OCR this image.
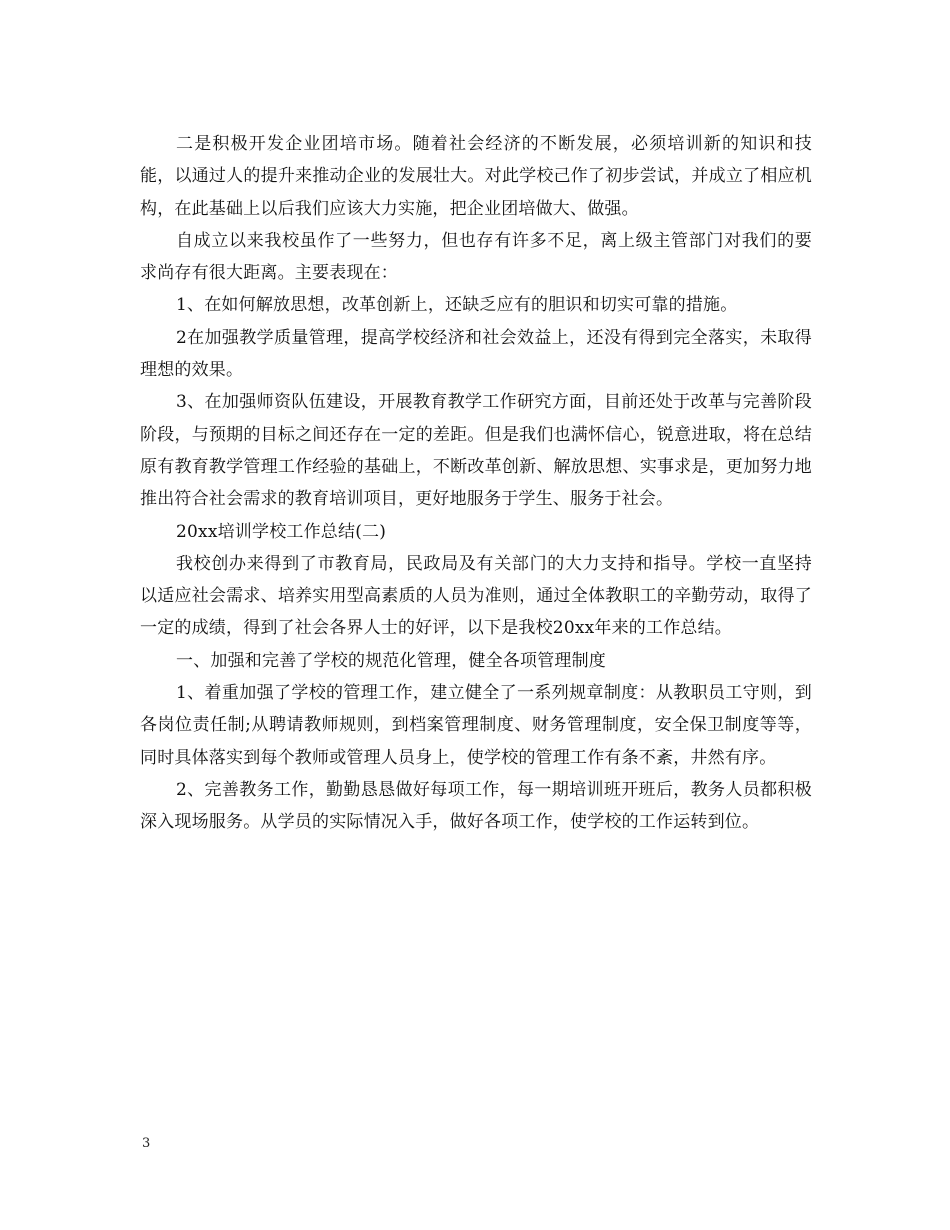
二是积极开发企业团培市场。随着社会经济的不断发展，必须培训新的知识和技能，以通过人的提升来推动企业的发展壮大。对此学校己作了初步尝试，并成立了相应机构，在此基础上以后我们应该大力实施，把企业团培做大、做强。

自成立以来我校虽作了一些努力，但也存有许多不足，离上级主管部门对我们的要求尚存有很大距离。主要表现在：

1、在如何解放思想，改革创新上，还缺乏应有的胆识和切实可靠的措施。

2在加强教学质量管理，提高学校经济和社会效益上，还没有得到完全落实，未取得理想的效果。

3、在加强师资队伍建设，开展教育教学工作研究方面，目前还处于改革与完善阶段阶段，与预期的目标之间还存在一定的差距。但是我们也满怀信心，锐意进取，将在总结原有教育教学管理工作经验的基础上，不断改革创新、解放思想、实事求是，更加努力地推出符合社会需求的教育培训项目，更好地服务于学生、服务于社会。

20xx培训学校工作总结(二)

我校创办来得到了市教育局，民政局及有关部门的大力支持和指导。学校一直坚持以适应社会需求、培养实用型高素质的人员为准则，通过全体教职工的辛勤劳动，取得了一定的成绩，得到了社会各界人士的好评，以下是我校20xx年来的工作总结。

一、加强和完善了学校的规范化管理，健全各项管理制度

1、着重加强了学校的管理工作，建立健全了一系列规章制度：从教职员工守则，到各岗位责任制;从聘请教师规则，到档案管理制度、财务管理制度，安全保卫制度等等，同时具体落实到每个教师或管理人员身上，使学校的管理工作有条不紊，井然有序。

2、完善教务工作，勤勤恳恳做好每项工作，每一期培训班开班后，教务人员都积极深入现场服务。从学员的实际情况入手，做好各项工作，使学校的工作运转到位。

3
